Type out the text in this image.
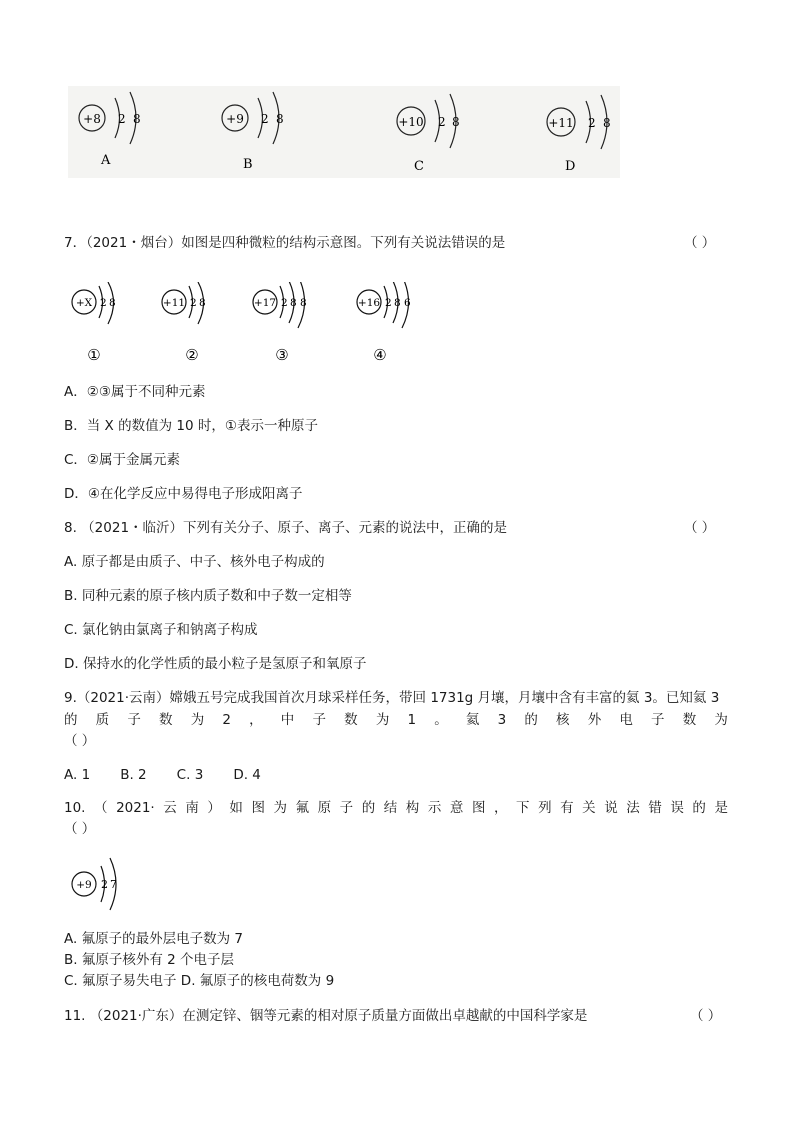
+8 2 8
A
+9 2 8
B
+10 2 8
C
+11 2 8
D
7．（2021・烟台）如图是四种微粒的结构示意图。下列有关说法错误的是	（ ）
+X 2 8
①
+11 2 8
②
+17 2 8 8
③
+16 2 8 6
④
A．②③属于不同种元素
B．当 X 的数值为 10 时，①表示一种原子
C．②属于金属元素
D．④在化学反应中易得电子形成阳离子
8. （2021・临沂）下列有关分子、原子、离子、元素的说法中，正确的是	（ ）
A. 原子都是由质子、中子、核外电子构成的
B. 同种元素的原子核内质子数和中子数一定相等
C. 氯化钠由氯离子和钠离子构成
D. 保持水的化学性质的最小粒子是氢原子和氧原子
9.（2021·云南）嫦娥五号完成我国首次月球采样任务，带回 1731g 月壤，月壤中含有丰富的氦 3。已知氦 3
的 质 子 数 为 2 ， 中 子 数 为 1 。 氦 3 的 核 外 电 子 数 为
（ ）
A. 1       B. 2       C. 3       D. 4
10. （ 2021· 云 南 ） 如 图 为 氟 原 子 的 结 构 示 意 图 ， 下 列 有 关 说 法 错 误 的 是
（ ）
+9 2 7
A. 氟原子的最外层电子数为 7
B. 氟原子核外有 2 个电子层
C. 氟原子易失电子 D. 氟原子的核电荷数为 9
11. （2021·广东）在测定锌、铟等元素的相对原子质量方面做出卓越献的中国科学家是	（ ）
